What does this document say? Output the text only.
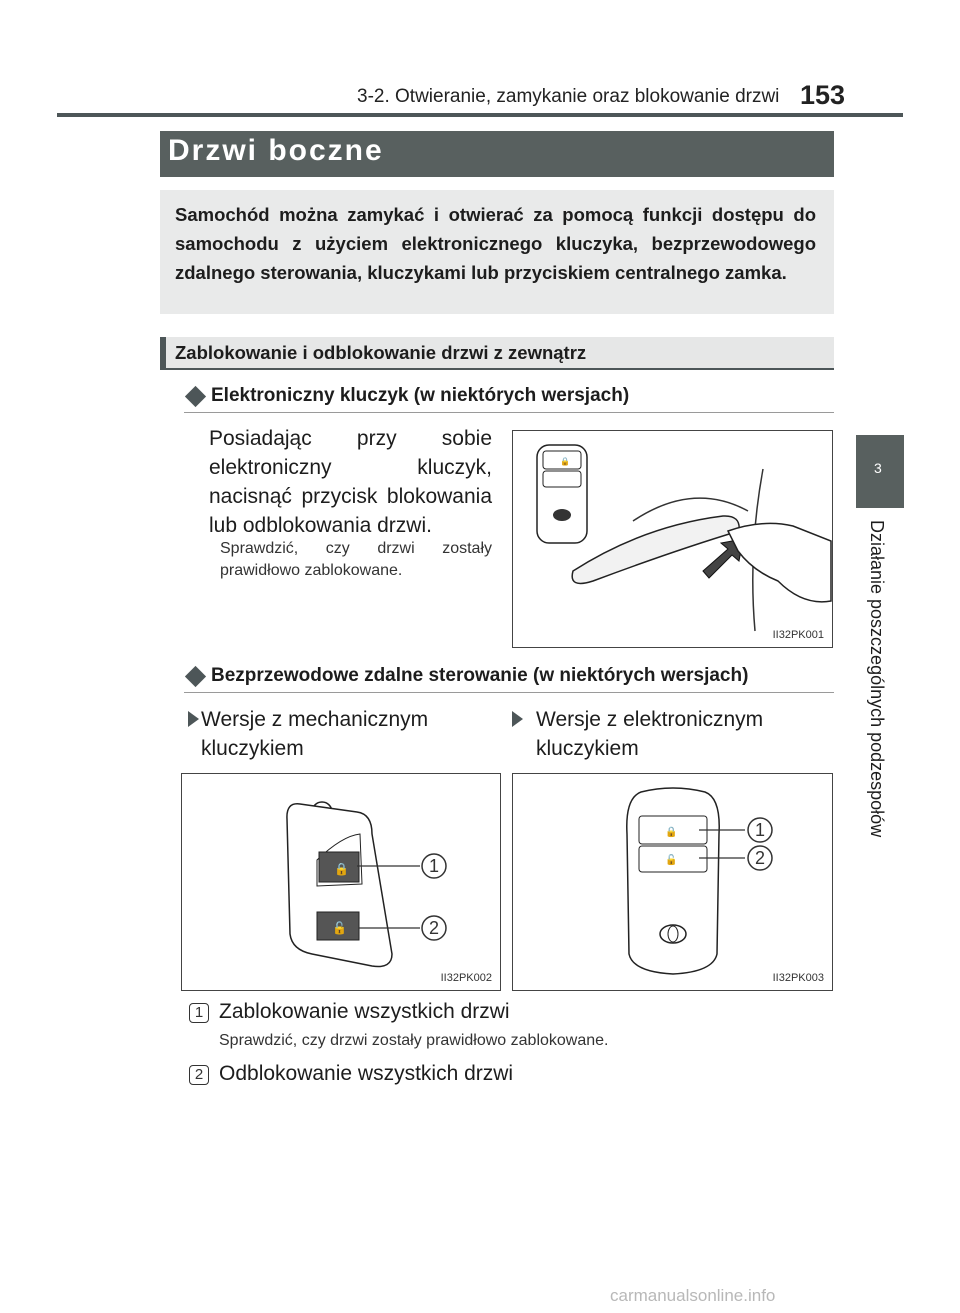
3-2. Otwieranie, zamykanie oraz blokowanie drzwi 153
3
Działanie poszczególnych podzespołów
Drzwi boczne
Samochód można zamykać i otwierać za pomocą funkcji dostępu do samochodu z użyciem elektronicznego kluczyka, bezprzewodowego zdalnego sterowania, kluczykami lub przyciskiem centralnego zamka.
Zablokowanie i odblokowanie drzwi z zewnątrz
Elektroniczny kluczyk (w niektórych wersjach)
Posiadając przy sobie elektroniczny kluczyk, nacisnąć przycisk blokowania lub odblokowania drzwi.
Sprawdzić, czy drzwi zostały prawidłowo zablokowane.
🔒
II32PK001
Bezprzewodowe zdalne sterowanie (w niektórych wersjach)
Wersje z mechanicznym kluczykiem
Wersje z elektronicznym kluczykiem
🔒
🔓
1
2
II32PK002
🔒
🔓
1
2
II32PK003
1 Zablokowanie wszystkich drzwi
Sprawdzić, czy drzwi zostały prawidłowo zablokowane.
2 Odblokowanie wszystkich drzwi
carmanualsonline.info
